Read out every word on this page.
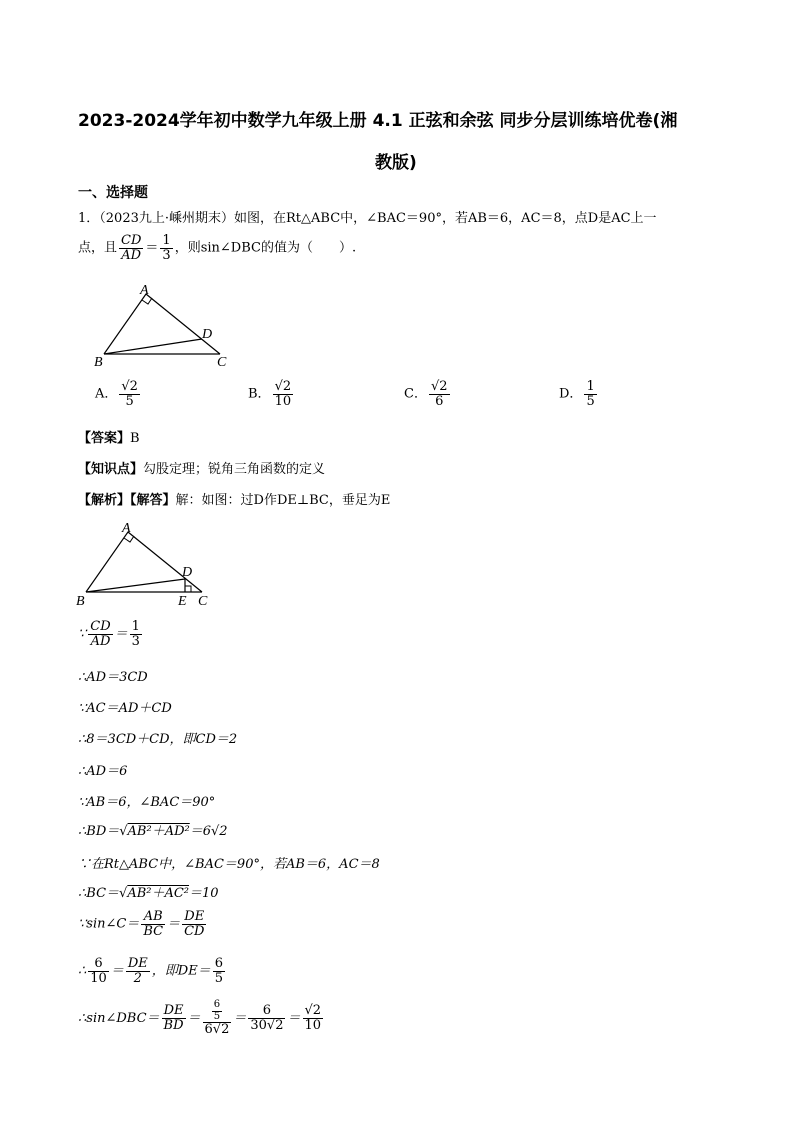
2023-2024学年初中数学九年级上册 4.1 正弦和余弦 同步分层训练培优卷(湘
教版)
一、选择题
1．（2023九上·嵊州期末）如图，在Rt△ABC中，∠BAC＝90°，若AB＝6，AC＝8，点D是AC上一
点，且 $\frac{CD}{AD} = \frac{1}{3}$ ，则sin∠DBC的值为（　　）.
A
B	C
D
A． $\frac{√2}{5}$	B． $\frac{√2}{10}$	C． $\frac{√2}{6}$	D． $\frac{1}{5}$
【答案】B
【知识点】勾股定理；锐角三角函数的定义
【解析】【解答】解：如图：过D作DE⊥BC，垂足为E
A
B	C
D
E
∵ $\frac{CD}{AD} = \frac{1}{3}$
∴AD＝3CD
∵AC＝AD＋CD
∴8＝3CD＋CD，即CD＝2
∴AD＝6
∵AB＝6，∠BAC＝90°
∴BD＝√AB²＋AD²＝6√2
∵在Rt△ABC中，∠BAC＝90°，若AB＝6，AC＝8
∴BC＝√AB²＋AC²＝10
∵sin∠C＝ $\frac{AB}{BC} = \frac{DE}{CD}$
∴ $\frac{6}{10} = \frac{DE}{2}$ ，即$DE= \frac{6}{5}$
∴sin∠DBC＝ $\frac{DE}{BD} = \frac{\frac{6}{5}}{6√2} = \frac{6}{30√2} = \frac{√2}{10}$
